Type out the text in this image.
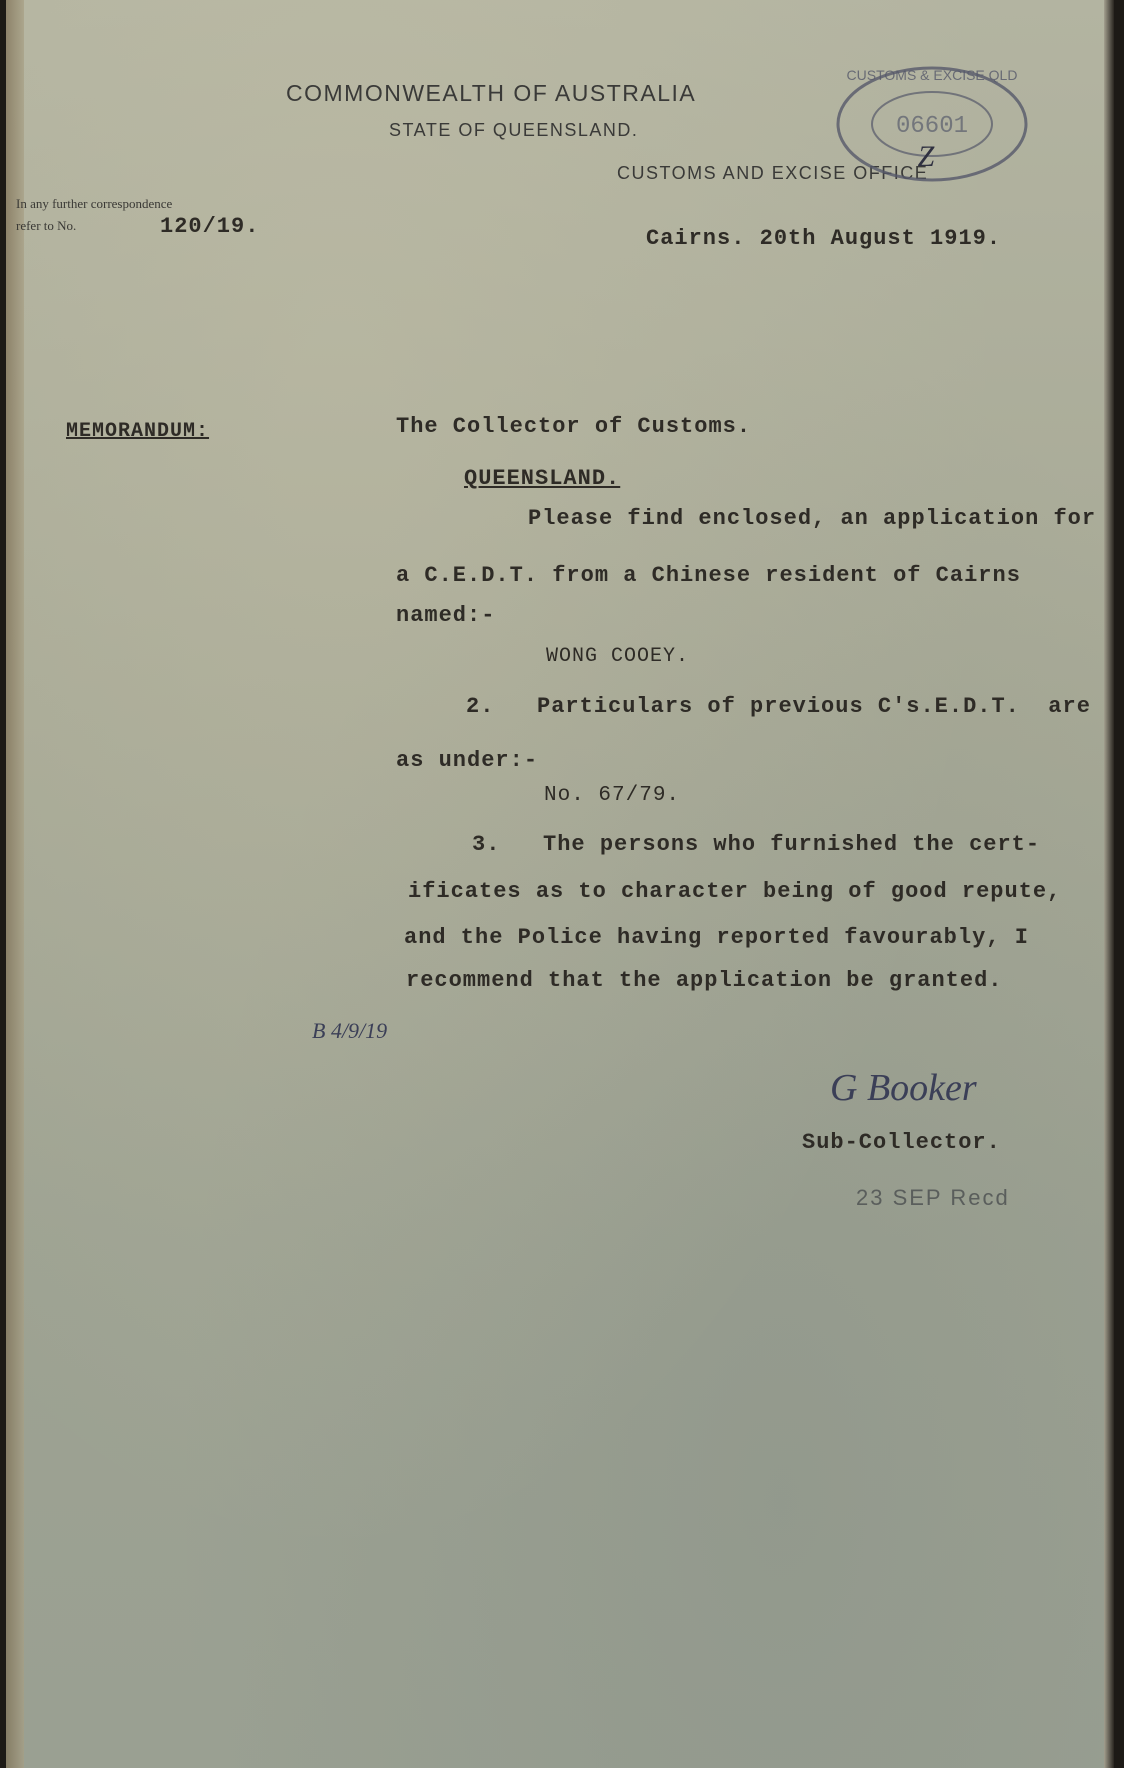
COMMONWEALTH OF AUSTRALIA
STATE OF QUEENSLAND.
CUSTOMS AND EXCISE OFFICE
In any further correspondence
refer to No.	120/19.
CUSTOMS & EXCISE QLD
06601
Z
Cairns. 20th August 1919.
MEMORANDUM:	The Collector of Customs.
QUEENSLAND.
Please find enclosed, an application for
a C.E.D.T. from a Chinese resident of Cairns
named:-
WONG COOEY.
2.   Particulars of previous C's.E.D.T.  are
as under:-
No. 67/79.
3.   The persons who furnished the cert-
ificates as to character being of good repute,
and the Police having reported favourably, I
recommend that the application be granted.
B 4/9/19
G Booker
Sub-Collector.
23 SEP Recd
